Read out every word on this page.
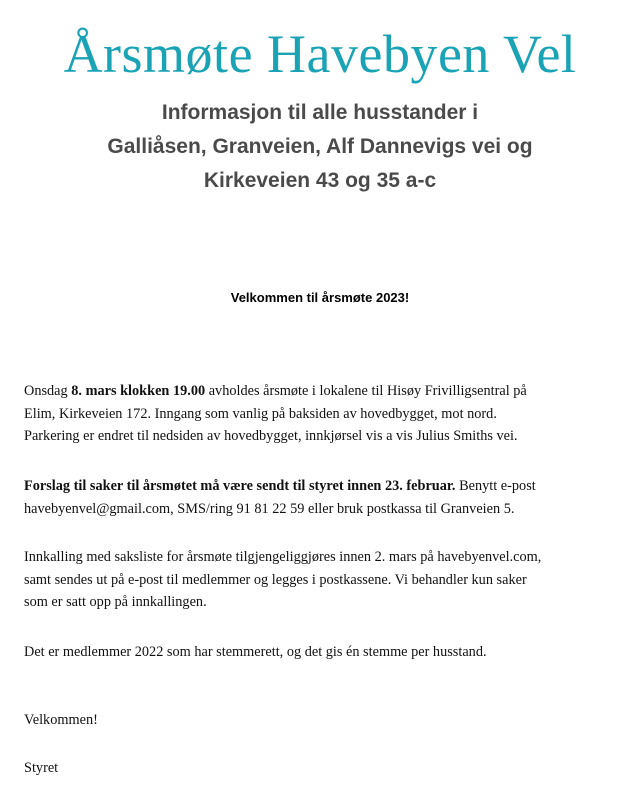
Årsmøte Havebyen Vel
Informasjon til alle husstander i
Galliåsen, Granveien, Alf Dannevigs vei og
Kirkeveien 43 og 35 a-c

Velkommen til årsmøte 2023!

Onsdag 8. mars klokken 19.00 avholdes årsmøte i lokalene til Hisøy Frivilligsentral på
Elim, Kirkeveien 172. Inngang som vanlig på baksiden av hovedbygget, mot nord.
Parkering er endret til nedsiden av hovedbygget, innkjørsel vis a vis Julius Smiths vei.

Forslag til saker til årsmøtet må være sendt til styret innen 23. februar. Benytt e-post
havebyenvel@gmail.com, SMS/ring 91 81 22 59 eller bruk postkassa til Granveien 5.

Innkalling med saksliste for årsmøte tilgjengeliggjøres innen 2. mars på havebyenvel.com,
samt sendes ut på e-post til medlemmer og legges i postkassene. Vi behandler kun saker
som er satt opp på innkallingen.

Det er medlemmer 2022 som har stemmerett, og det gis én stemme per husstand.

Velkommen!

Styret
